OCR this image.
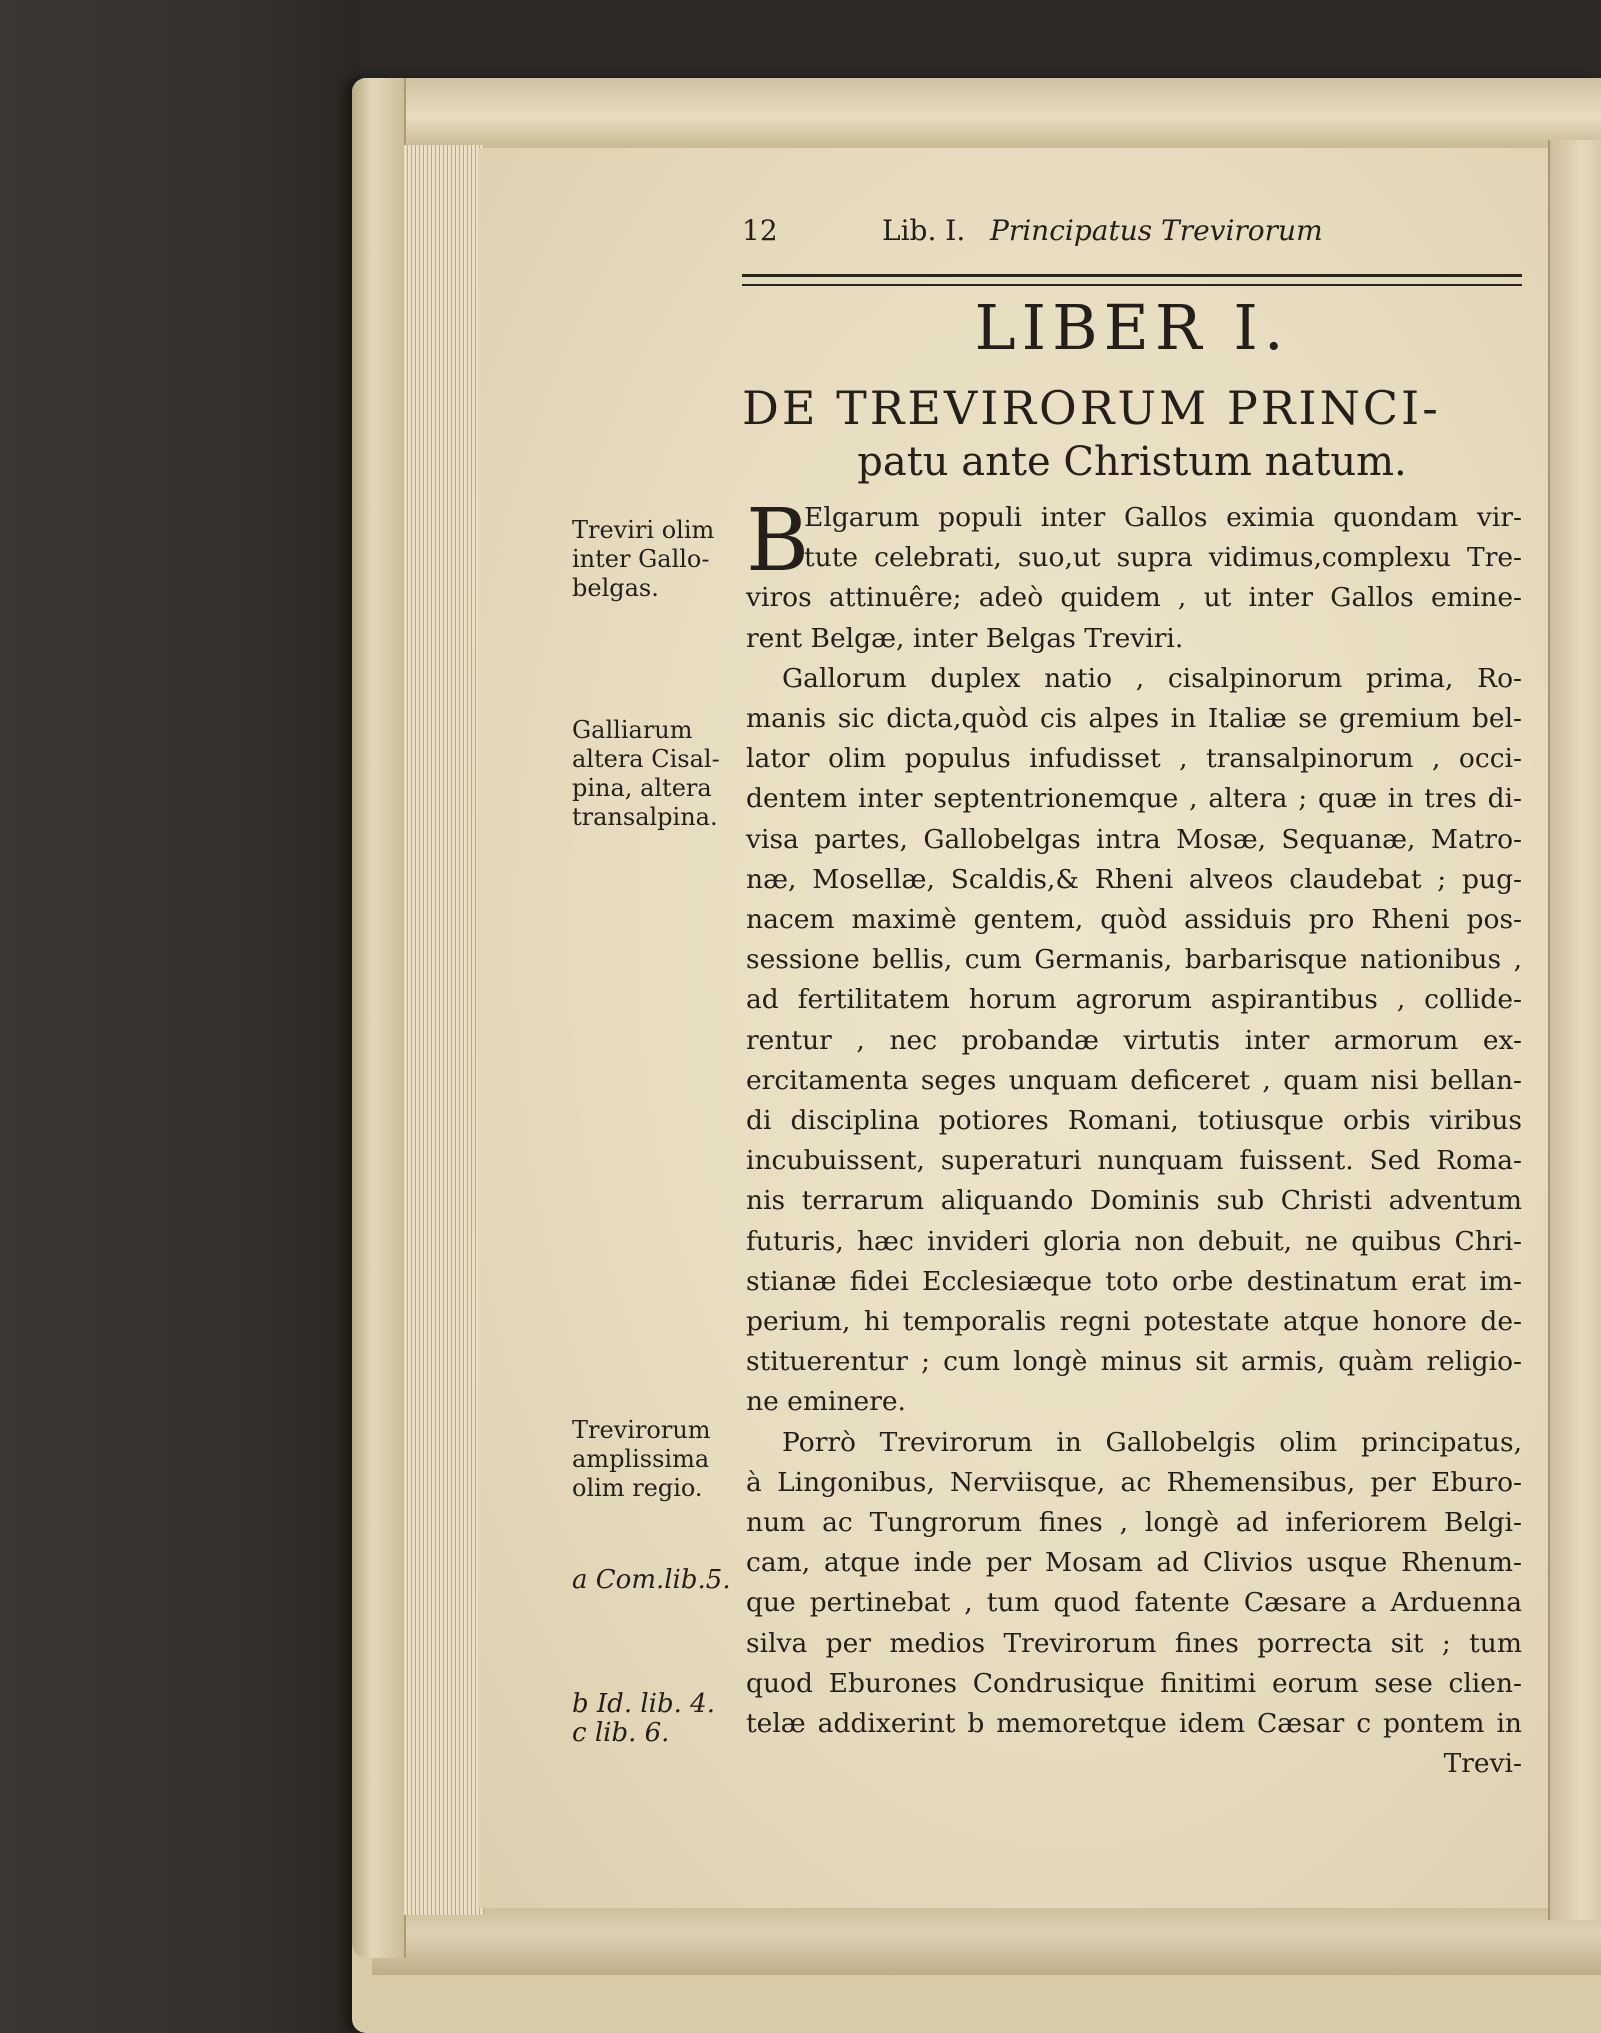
12	Lib. I. Principatus Trevirorum
LIBER I.
DE TREVIRORUM PRINCI-
patu ante Christum natum.
B
Elgarum populi inter Gallos eximia quondam vir-
tute celebrati, suo,ut supra vidimus,complexu Tre-
viros attinuêre; adeò quidem , ut inter Gallos emine-
rent Belgæ, inter Belgas Treviri.
Gallorum duplex natio , cisalpinorum prima, Ro-
manis sic dicta,quòd cis alpes in Italiæ se gremium bel-
lator olim populus infudisset , transalpinorum , occi-
dentem inter septentrionemque , altera ; quæ in tres di-
visa partes, Gallobelgas intra Mosæ, Sequanæ, Matro-
næ, Mosellæ, Scaldis,& Rheni alveos claudebat ; pug-
nacem maximè gentem, quòd assiduis pro Rheni pos-
sessione bellis, cum Germanis, barbarisque nationibus ,
ad fertilitatem horum agrorum aspirantibus , collide-
rentur , nec probandæ virtutis inter armorum ex-
ercitamenta seges unquam deficeret , quam nisi bellan-
di disciplina potiores Romani, totiusque orbis viribus
incubuissent, superaturi nunquam fuissent. Sed Roma-
nis terrarum aliquando Dominis sub Christi adventum
futuris, hæc invideri gloria non debuit, ne quibus Chri-
stianæ fidei Ecclesiæque toto orbe destinatum erat im-
perium, hi temporalis regni potestate atque honore de-
stituerentur ; cum longè minus sit armis, quàm religio-
ne eminere.
Porrò Trevirorum in Gallobelgis olim principatus,
à Lingonibus, Nerviisque, ac Rhemensibus, per Eburo-
num ac Tungrorum fines , longè ad inferiorem Belgi-
cam, atque inde per Mosam ad Clivios usque Rhenum-
que pertinebat , tum quod fatente Cæsare a Arduenna
silva per medios Trevirorum fines porrecta sit ; tum
quod Eburones Condrusique finitimi eorum sese clien-
telæ addixerint b memoretque idem Cæsar c pontem in
Trevi-
Treviri olim
inter Gallo-
belgas.
Galliarum
altera Cisal-
pina, altera
transalpina.
Trevirorum
amplissima
olim regio.
a Com.lib.5.
b Id. lib. 4.
c lib. 6.
